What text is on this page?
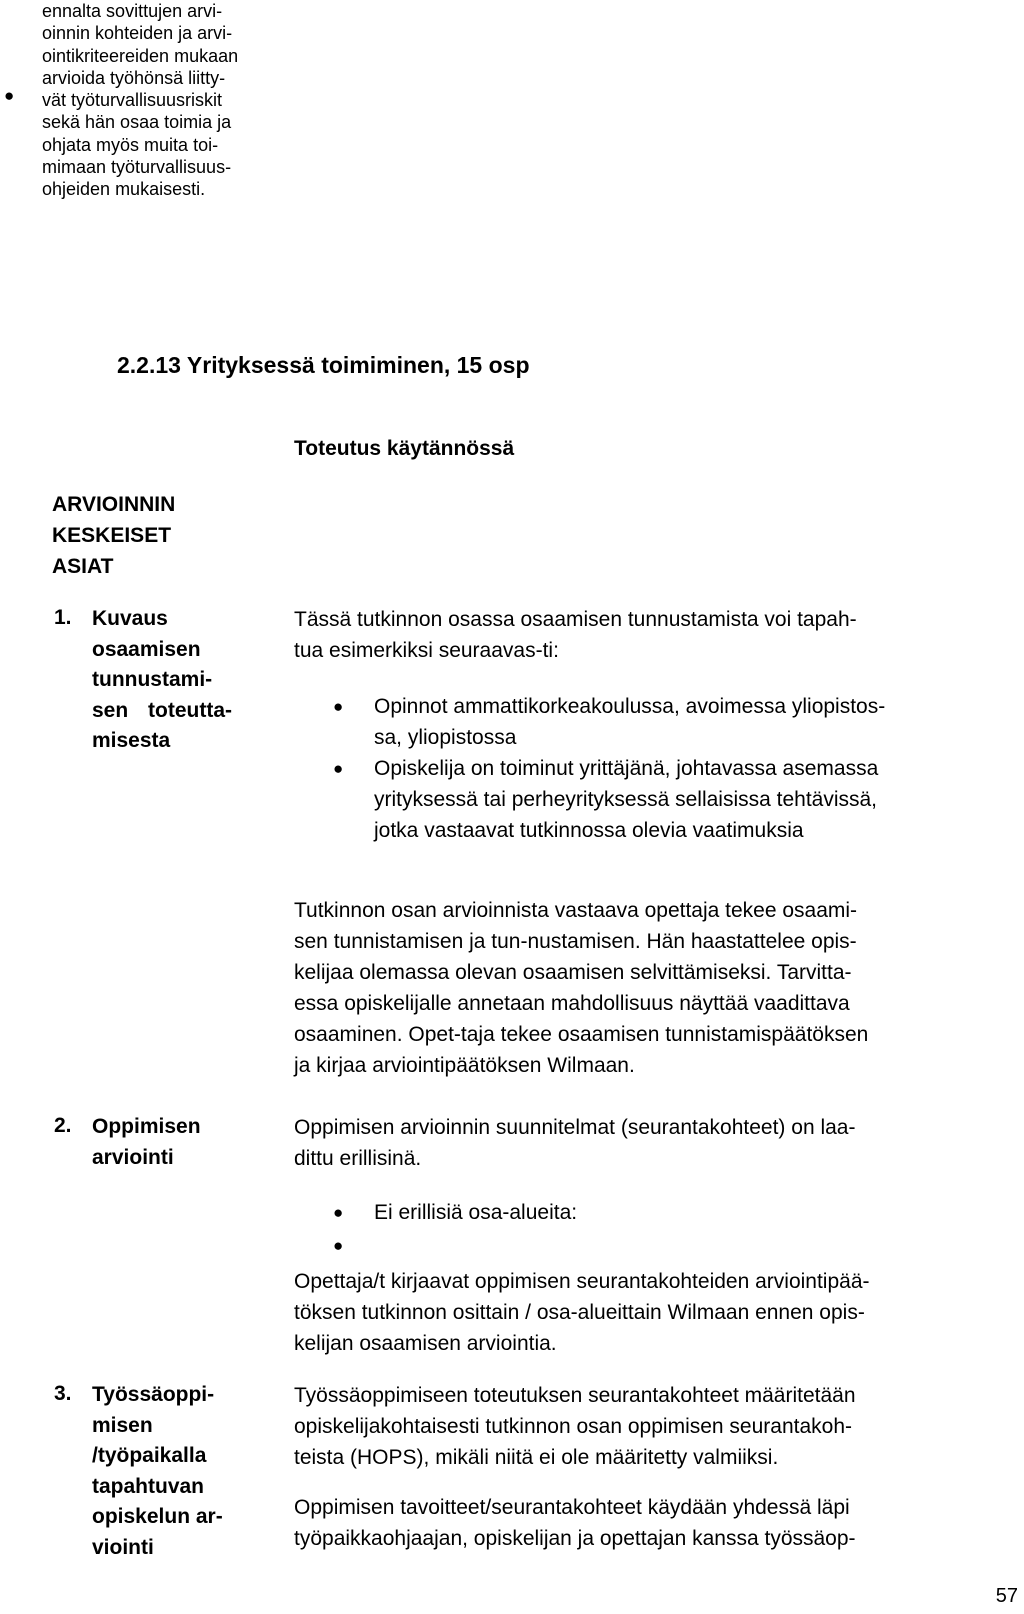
●
ennalta sovittujen arvi-
oinnin kohteiden ja arvi-
ointikriteereiden mukaan
arvioida työhönsä liitty-
vät työturvallisuusriskit
sekä hän osaa toimia ja
ohjata myös muita toi-
mimaan työturvallisuus-
ohjeiden mukaisesti.
2.2.13 Yrityksessä toimiminen, 15 osp
Toteutus käytännössä
ARVIOINNIN
KESKEISET
ASIAT
1. Kuvaus
osaamisen
tunnustami-
sen toteutta-
misesta
Tässä tutkinnon osassa osaamisen tunnustamista voi tapah-
tua esimerkiksi seuraavas-ti:
● Opinnot ammattikorkeakoulussa, avoimessa yliopistos-
sa, yliopistossa
● Opiskelija on toiminut yrittäjänä, johtavassa asemassa
yrityksessä tai perheyrityksessä sellaisissa tehtävissä,
jotka vastaavat tutkinnossa olevia vaatimuksia
Tutkinnon osan arvioinnista vastaava opettaja tekee osaami-
sen tunnistamisen ja tun-nustamisen. Hän haastattelee opis-
kelijaa olemassa olevan osaamisen selvittämiseksi. Tarvitta-
essa opiskelijalle annetaan mahdollisuus näyttää vaadittava
osaaminen. Opet-taja tekee osaamisen tunnistamispäätöksen
ja kirjaa arviointipäätöksen Wilmaan.
2. Oppimisen
arviointi
Oppimisen arvioinnin suunnitelmat (seurantakohteet) on laa-
dittu erillisinä.
● Ei erillisiä osa-alueita:
●
Opettaja/t kirjaavat oppimisen seurantakohteiden arviointipää-
töksen tutkinnon osittain / osa-alueittain Wilmaan ennen opis-
kelijan osaamisen arviointia.
3. Työssäoppi-
misen
/työpaikalla
tapahtuvan
opiskelun ar-
viointi
Työssäoppimiseen toteutuksen seurantakohteet määritetään
opiskelijakohtaisesti tutkinnon osan oppimisen seurantakoh-
teista (HOPS), mikäli niitä ei ole määritetty valmiiksi.
Oppimisen tavoitteet/seurantakohteet käydään yhdessä läpi
työpaikkaohjaajan, opiskelijan ja opettajan kanssa työssäop-
57
